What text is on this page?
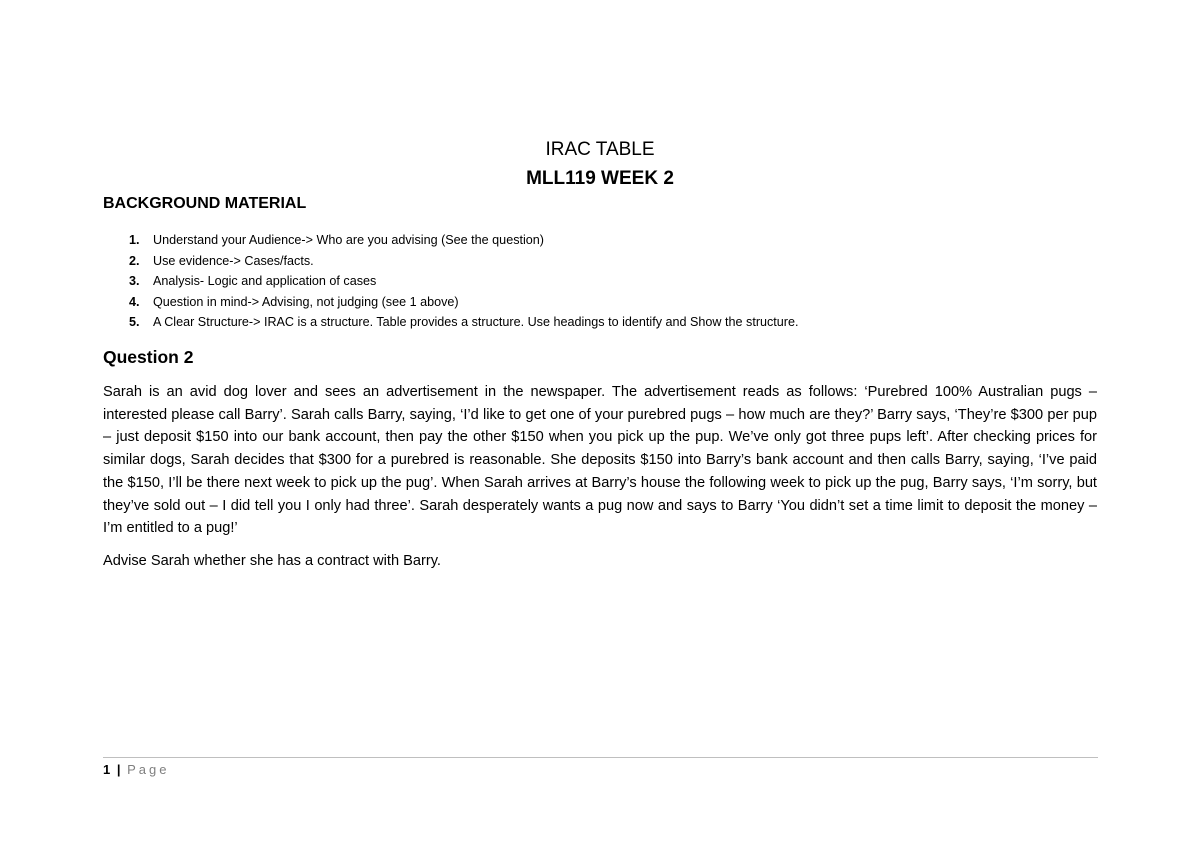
IRAC TABLE
MLL119 WEEK 2
BACKGROUND MATERIAL
1.	Understand your Audience-> Who are you advising (See the question)
2.	Use evidence-> Cases/facts.
3.	Analysis- Logic and application of cases
4.	Question in mind-> Advising, not judging (see 1 above)
5.	A Clear Structure-> IRAC is a structure. Table provides a structure. Use headings to identify and Show the structure.
Question 2

Sarah is an avid dog lover and sees an advertisement in the newspaper. The advertisement reads as follows: ‘Purebred 100% Australian pugs – interested please call Barry’. Sarah calls Barry, saying, ‘I’d like to get one of your purebred pugs – how much are they?’ Barry says, ‘They’re $300 per pup – just deposit $150 into our bank account, then pay the other $150 when you pick up the pup. We’ve only got three pups left’. After checking prices for similar dogs, Sarah decides that $300 for a purebred is reasonable. She deposits $150 into Barry’s bank account and then calls Barry, saying, ‘I’ve paid the $150, I’ll be there next week to pick up the pug’. When Sarah arrives at Barry’s house the following week to pick up the pug, Barry says, ‘I’m sorry, but they’ve sold out – I did tell you I only had three’. Sarah desperately wants a pug now and says to Barry ‘You didn’t set a time limit to deposit the money – I’m entitled to a pug!’

Advise Sarah whether she has a contract with Barry.

1 | Page
